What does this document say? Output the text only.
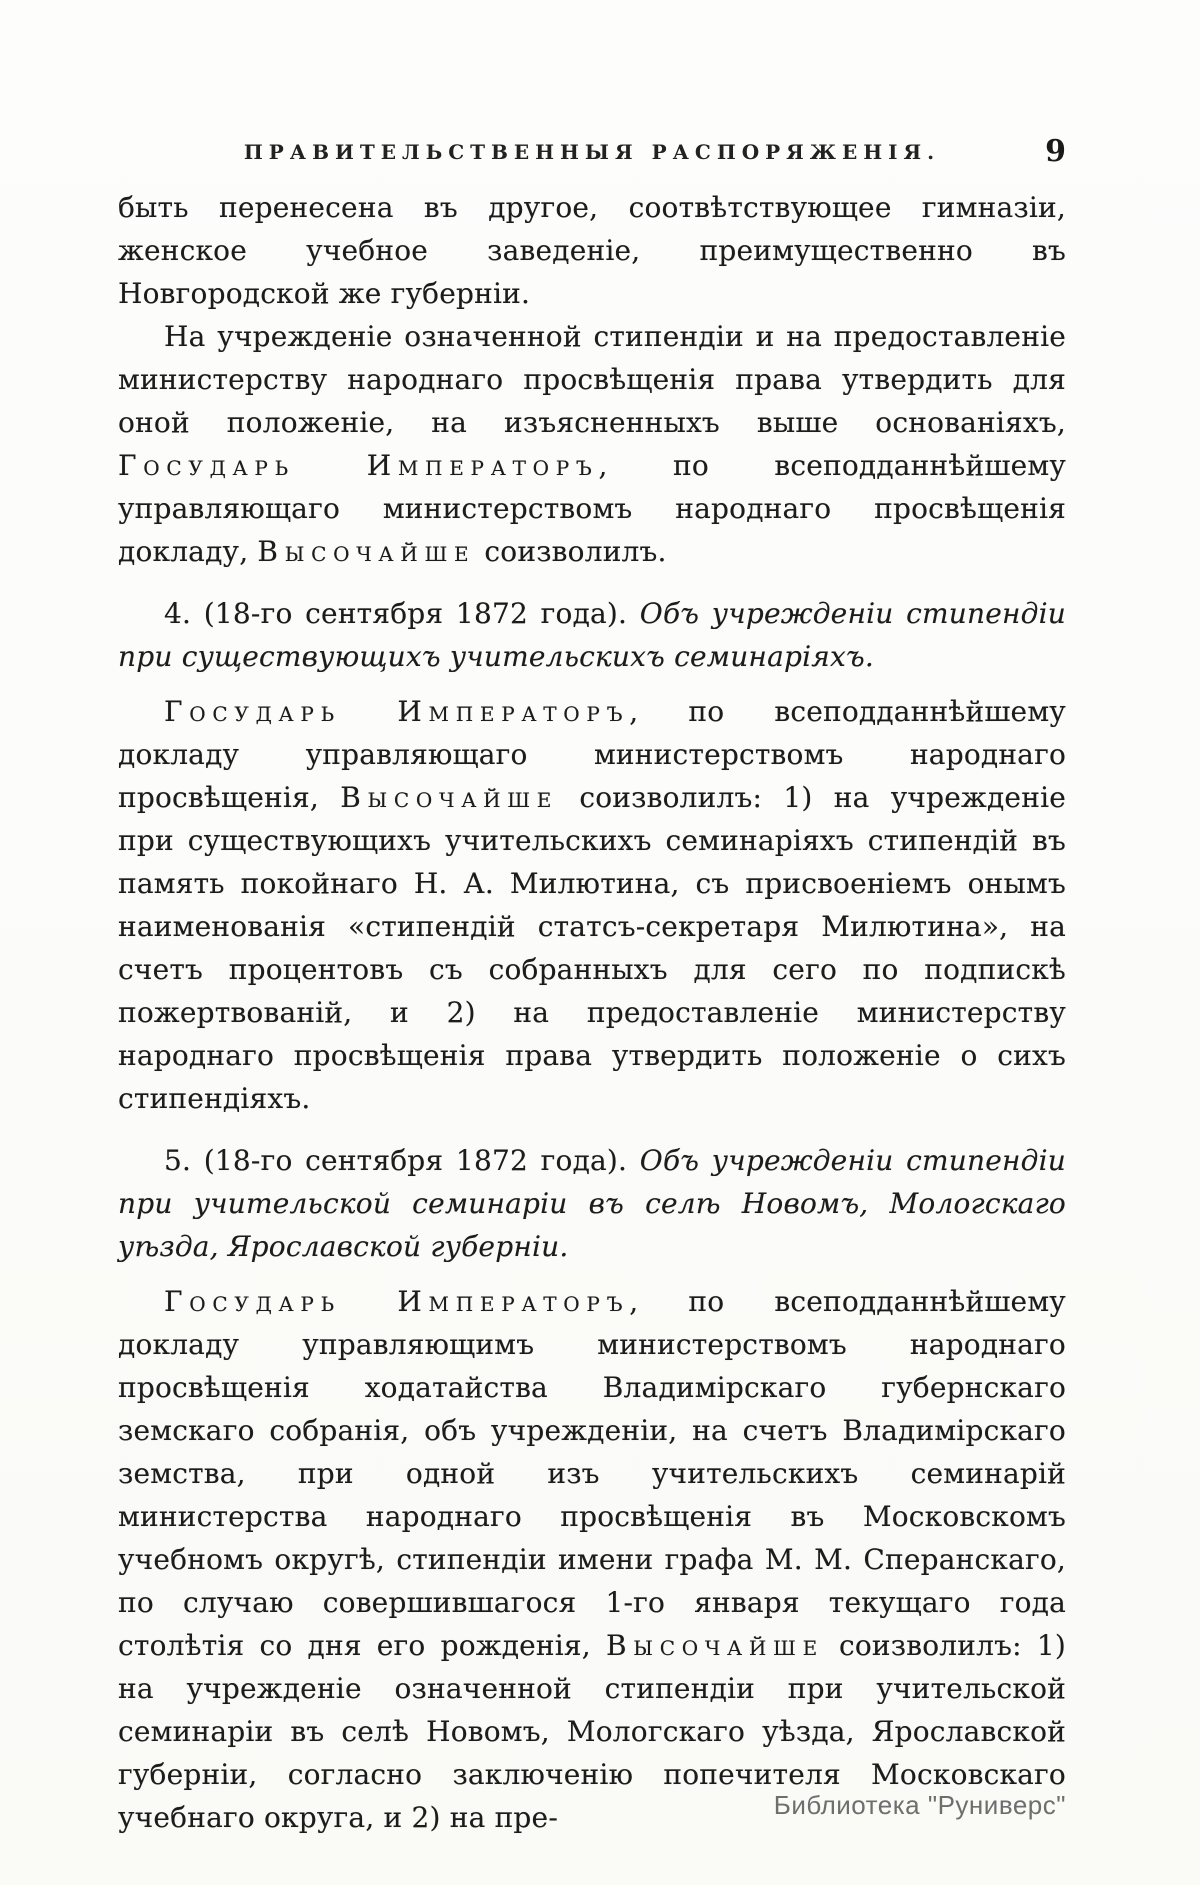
ПРАВИТЕЛЬСТВЕННЫЯ РАСПОРЯЖЕНІЯ.	9

быть перенесена въ другое, соотвѣтствующее гимназіи, женское учебное заведеніе, преимущественно въ Новгородской же губерніи.

На учрежденіе означенной стипендіи и на предоставленіе министерству народнаго просвѣщенія права утвердить для оной положеніе, на изъясненныхъ выше основаніяхъ, Государь Императоръ, по всеподданнѣйшему управляющаго министерствомъ народнаго просвѣщенія докладу, Высочайше соизволилъ.

4. (18-го сентября 1872 года). Объ учрежденіи стипендіи при существующихъ учительскихъ семинаріяхъ.

Государь Императоръ, по всеподданнѣйшему докладу управляющаго министерствомъ народнаго просвѣщенія, Высочайше соизволилъ: 1) на учрежденіе при существующихъ учительскихъ семинаріяхъ стипендій въ память покойнаго Н. А. Милютина, съ присвоеніемъ онымъ наименованія «стипендій статсъ-секретаря Милютина», на счетъ процентовъ съ собранныхъ для сего по подпискѣ пожертвованій, и 2) на предоставленіе министерству народнаго просвѣщенія права утвердить положеніе о сихъ стипендіяхъ.

5. (18-го сентября 1872 года). Объ учрежденіи стипендіи при учительской семинаріи въ селѣ Новомъ, Мологскаго уѣзда, Ярославской губерніи.

Государь Императоръ, по всеподданнѣйшему докладу управляющимъ министерствомъ народнаго просвѣщенія ходатайства Владимірскаго губернскаго земскаго собранія, объ учрежденіи, на счетъ Владимірскаго земства, при одной изъ учительскихъ семинарій министерства народнаго просвѣщенія въ Московскомъ учебномъ округѣ, стипендіи имени графа М. М. Сперанскаго, по случаю совершившагося 1-го января текущаго года столѣтія со дня его рожденія, Высочайше соизволилъ: 1) на учрежденіе означенной стипендіи при учительской семинаріи въ селѣ Новомъ, Мологскаго уѣзда, Ярославской губерніи, согласно заключенію попечителя Московскаго учебнаго округа, и 2) на пре-	Библиотека "Руниверс"
